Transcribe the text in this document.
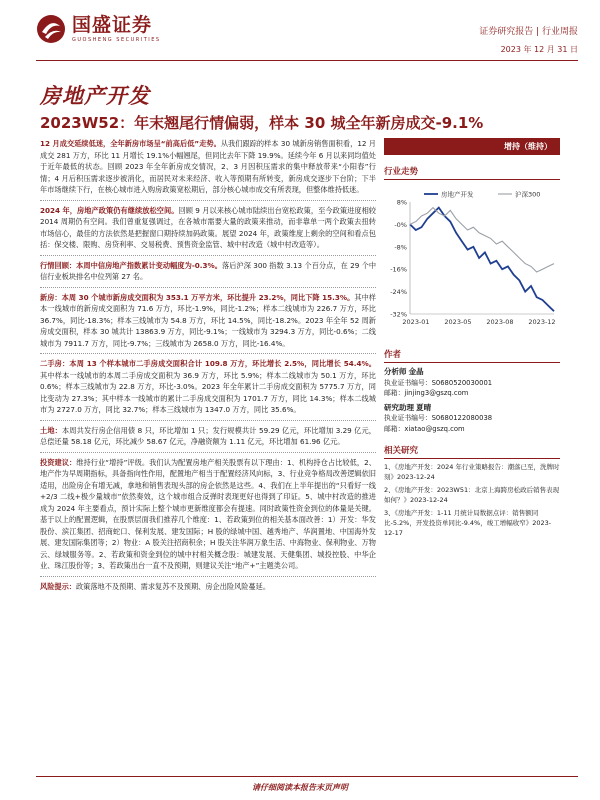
国盛证券
GUOSHENG SECURITIES
证券研究报告 | 行业周报
2023 年 12 月 31 日
房地产开发
2023W52：年末翘尾行情偏弱，样本 30 城全年新房成交-9.1%

12 月成交延续低迷，全年新房市场呈“前高后低”走势。从我们跟踪的样本 30 城新房销售面积看，12 月成交 281 万方，环比 11 月增长 19.1%小幅翘尾，但同比去年下降 19.9%。延续今年 6 月以来同均值处于近年最低的状态。回顾 2023 年全年新房成交情况，2、3 月因积压需求的集中释放带来“小阳春”行情；4 月后积压需求逐步被消化，而居民对未来经济、收入等预期有所转变，新房成交逐步下台阶；下半年市场继续下行，在核心城市进入购房政策宽松期后，部分核心城市成交有所表现，但整体维持低迷。

2024 年，房地产政策仍有继续放松空间。回顾 9 月以来核心城市陆续出台宽松政策，至今政策进度相较 2014 周期仍有空间。我们曾重复强调过，在各城市需要大量的政策来推动，而非靠单一两个政策去扭转市场信心，最佳的方法依然是把握窗口期持续加码政策。展望 2024 年，政策维度上剩余的空间和看点包括：保交楼、限购、房贷利率、交易税费、预售资金监管、城中村改造（城中村改造等）。

行情回顾：本周中信房地产指数累计变动幅度为-0.3%。落后沪深 300 指数 3.13 个百分点，在 29 个中信行业板块排名中位列第 27 名。

新房：本周 30 个城市新房成交面积为 353.1 万平方米，环比提升 23.2%，同比下降 15.3%。其中样本一线城市的新房成交面积为 71.6 万方，环比-1.9%，同比-1.2%；样本二线城市为 226.7 万方，环比 36.7%，同比-18.3%；样本三线城市为 54.8 万方，环比 14.5%，同比-18.2%。2023 年全年 52 周新房成交面积，样本 30 城共计 13863.9 万方，同比-9.1%；一线城市为 3294.3 万方，同比-0.6%；二线城市为 7911.7 万方，同比-9.7%；三线城市为 2658.0 万方，同比-16.4%。

二手房：本周 13 个样本城市二手房成交面积合计 109.8 万方，环比增长 2.5%，同比增长 54.4%。其中样本一线城市的本周二手房成交面积为 36.9 万方，环比 5.9%；样本二线城市为 50.1 万方，环比 0.6%；样本三线城市为 22.8 万方，环比-3.0%。2023 年全年累计二手房成交面积为 5775.7 万方，同比变动为 27.3%；其中样本一线城市的累计二手房成交面积为 1701.7 万方，同比 14.3%；样本二线城市为 2727.0 万方，同比 32.7%；样本三线城市为 1347.0 万方，同比 35.6%。

土地：本周共发行房企信用债 8 只，环比增加 1 只；发行规模共计 59.29 亿元，环比增加 3.29 亿元，总偿还量 58.18 亿元，环比减少 58.67 亿元，净融资额为 1.11 亿元，环比增加 61.96 亿元。

投资建议：维持行业“增持”评级。我们认为配置房地产相关股票有以下理由：1、机构持仓占比较低，2、地产作为早周期指标，具备指向性作用，配置地产相当于配置经济风向标，3、行业竞争格局改善逻辑依旧适用，出险房企有增无减，拿地和销售表现头部的房企依然是这些。4、我们在上半年提出的“只看好一线+2/3 二线+极少量城市”依然奏效，这个城市组合反弹时表现更好也得到了印证。5、城中村改造的推进成为 2024 年主要看点，预计实际上整个城市更新维度都会有提速。同时政策性资金到位的体量是关键。基于以上的配置逻辑，在股票层面我们推荐几个维度：1、若政策到位的相关基本面改善：1）开发：华发股份、滨江集团、招商蛇口、保利发展、建发国际；H 股的绿城中国、越秀地产、华润置地、中国海外发展、建发国际集团等；2）物业：A 股关注招商积余；H 股关注华润万象生活、中海物业、保利物业、万物云、绿城服务等。2、若政策和资金到位的城中村相关概念股：城建发展、天健集团、城投控股、中华企业、珠江股份等；3、若政策出台一直不及预期，则建议关注“地产+”主题类公司。

风险提示：政策落地不及预期、需求复苏不及预期、房企出险风险蔓延。

增持（维持）
行业走势
8%
-0%
-8%
-16%
-24%
-32%
2023-01 2023-05 2023-08 2023-12
房地产开发	沪深300
作者
分析师 金晶
执业证书编号：S0680520030001
邮箱：jinjing3@gszq.com
研究助理 夏晴
执业证书编号：S0680122080038
邮箱：xiatao@gszq.com
相关研究
1、《房地产开发：2024 年行业策略报告：潮落已至，洗牌时刻》2023-12-24
2、《房地产开发：2023W51：北京上海跨房松政后销售表现如何？》2023-12-24
3、《房地产开发：1-11 月统计局数据点评：销售额同比-5.2%，开发投资单同比-9.4%，竣工增幅收窄》2023-12-17
请仔细阅读本报告末页声明
